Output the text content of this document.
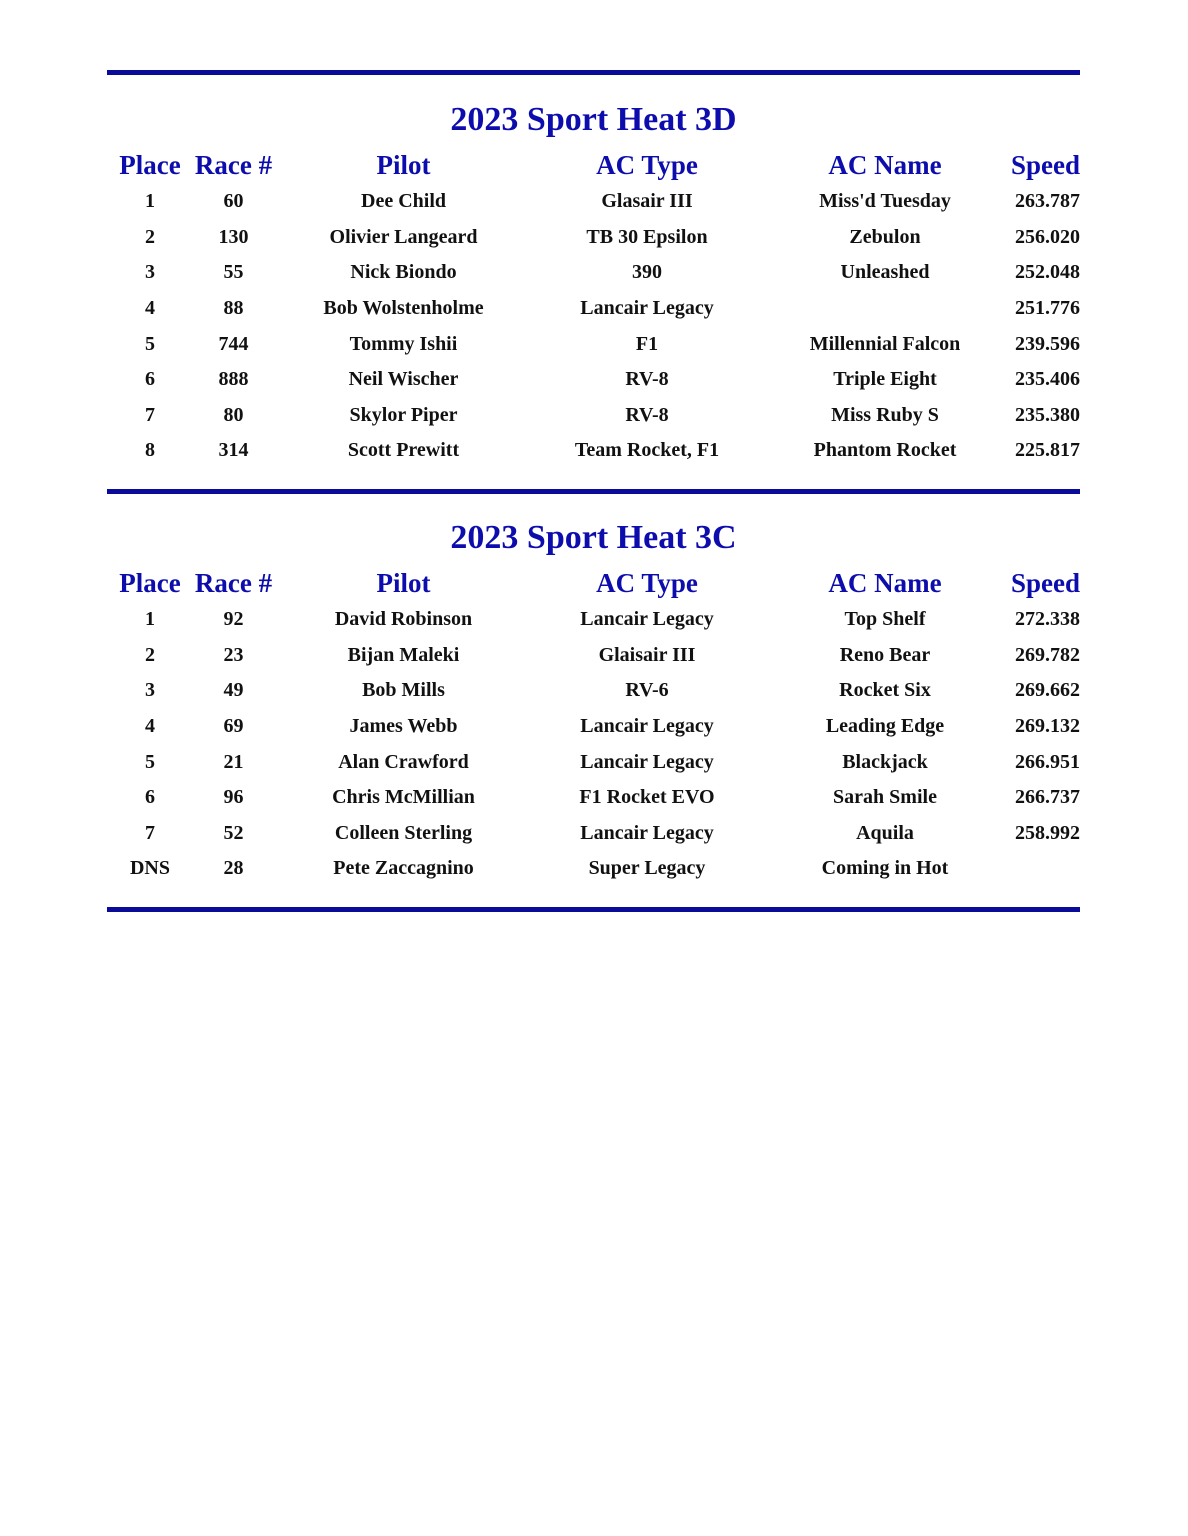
2023 Sport Heat 3D
Place	Race #	Pilot	AC Type	AC Name	Speed
1	60	Dee Child	Glasair III	Miss'd Tuesday	263.787
2	130	Olivier Langeard	TB 30 Epsilon	Zebulon	256.020
3	55	Nick Biondo	390	Unleashed	252.048
4	88	Bob Wolstenholme	Lancair Legacy		251.776
5	744	Tommy Ishii	F1	Millennial Falcon	239.596
6	888	Neil Wischer	RV-8	Triple Eight	235.406
7	80	Skylor Piper	RV-8	Miss Ruby S	235.380
8	314	Scott Prewitt	Team Rocket, F1	Phantom Rocket	225.817
2023 Sport Heat 3C
Place	Race #	Pilot	AC Type	AC Name	Speed
1	92	David Robinson	Lancair Legacy	Top Shelf	272.338
2	23	Bijan Maleki	Glaisair III	Reno Bear	269.782
3	49	Bob Mills	RV-6	Rocket Six	269.662
4	69	James Webb	Lancair Legacy	Leading Edge	269.132
5	21	Alan Crawford	Lancair Legacy	Blackjack	266.951
6	96	Chris McMillian	F1 Rocket EVO	Sarah Smile	266.737
7	52	Colleen Sterling	Lancair Legacy	Aquila	258.992
DNS	28	Pete Zaccagnino	Super Legacy	Coming in Hot	
